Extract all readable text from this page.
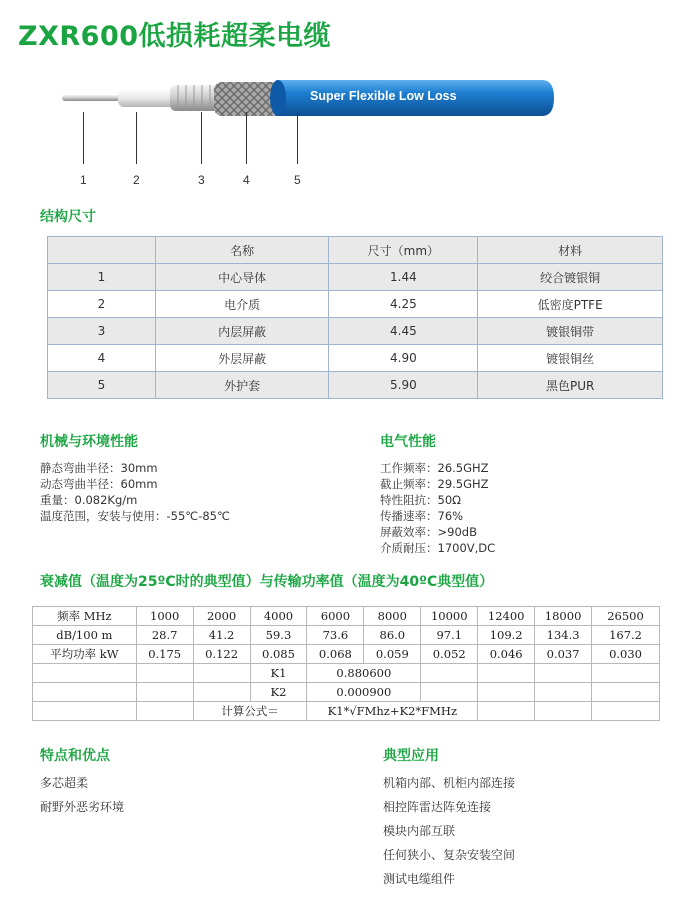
ZXR600低损耗超柔电缆
Super Flexible Low Loss
1	2	3	4	5
结构尺寸
	名称	尺寸（mm）	材料
1	中心导体	1.44	绞合镀银铜
2	电介质	4.25	低密度PTFE
3	内层屏蔽	4.45	镀银铜带
4	外层屏蔽	4.90	镀银铜丝
5	外护套	5.90	黑色PUR
机械与环境性能
静态弯曲半径：30mm
动态弯曲半径：60mm
重量：0.082Kg/m
温度范围，安装与使用：-55℃-85℃
电气性能
工作频率：26.5GHZ
截止频率：29.5GHZ
特性阻抗：50Ω
传播速率：76%
屏蔽效率：>90dB
介质耐压：1700V,DC
衰减值（温度为25ºC时的典型值）与传输功率值（温度为40ºC典型值）
频率 MHz	1000	2000	4000	6000	8000	10000	12400	18000	26500
dB/100 m	28.7	41.2	59.3	73.6	86.0	97.1	109.2	134.3	167.2
平均功率 kW	0.175	0.122	0.085	0.068	0.059	0.052	0.046	0.037	0.030
			K1	0.880600					
			K2	0.000900					
		计算公式＝		K1*√FMhz+K2*FMHz					
特点和优点
多芯超柔
耐野外恶劣环境
典型应用
机箱内部、机柜内部连接
相控阵雷达阵免连接
模块内部互联
任何狭小、复杂安装空间
测试电缆组件
